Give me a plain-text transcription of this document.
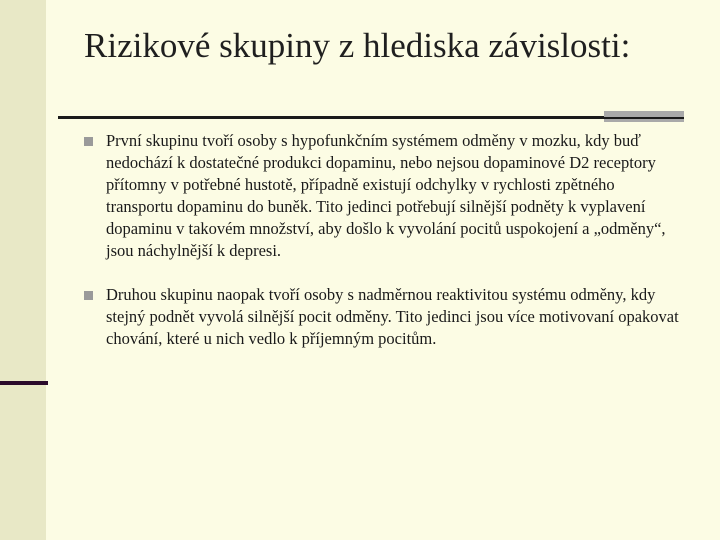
Rizikové skupiny z hlediska závislosti:
První skupinu tvoří osoby s hypofunkčním systémem odměny v mozku, kdy buď nedochází k dostatečné produkci dopaminu, nebo nejsou dopaminové D2 receptory přítomny v potřebné hustotě, případně existují odchylky v rychlosti zpětného transportu dopaminu do buněk. Tito jedinci potřebují silnější podněty k vyplavení dopaminu v takovém množství, aby došlo k vyvolání pocitů uspokojení a „odměny“, jsou náchylnější k depresi.
Druhou skupinu naopak tvoří osoby s nadměrnou reaktivitou systému odměny, kdy stejný podnět vyvolá silnější pocit odměny. Tito jedinci jsou více motivovaní opakovat chování, které u nich vedlo k příjemným pocitům.
